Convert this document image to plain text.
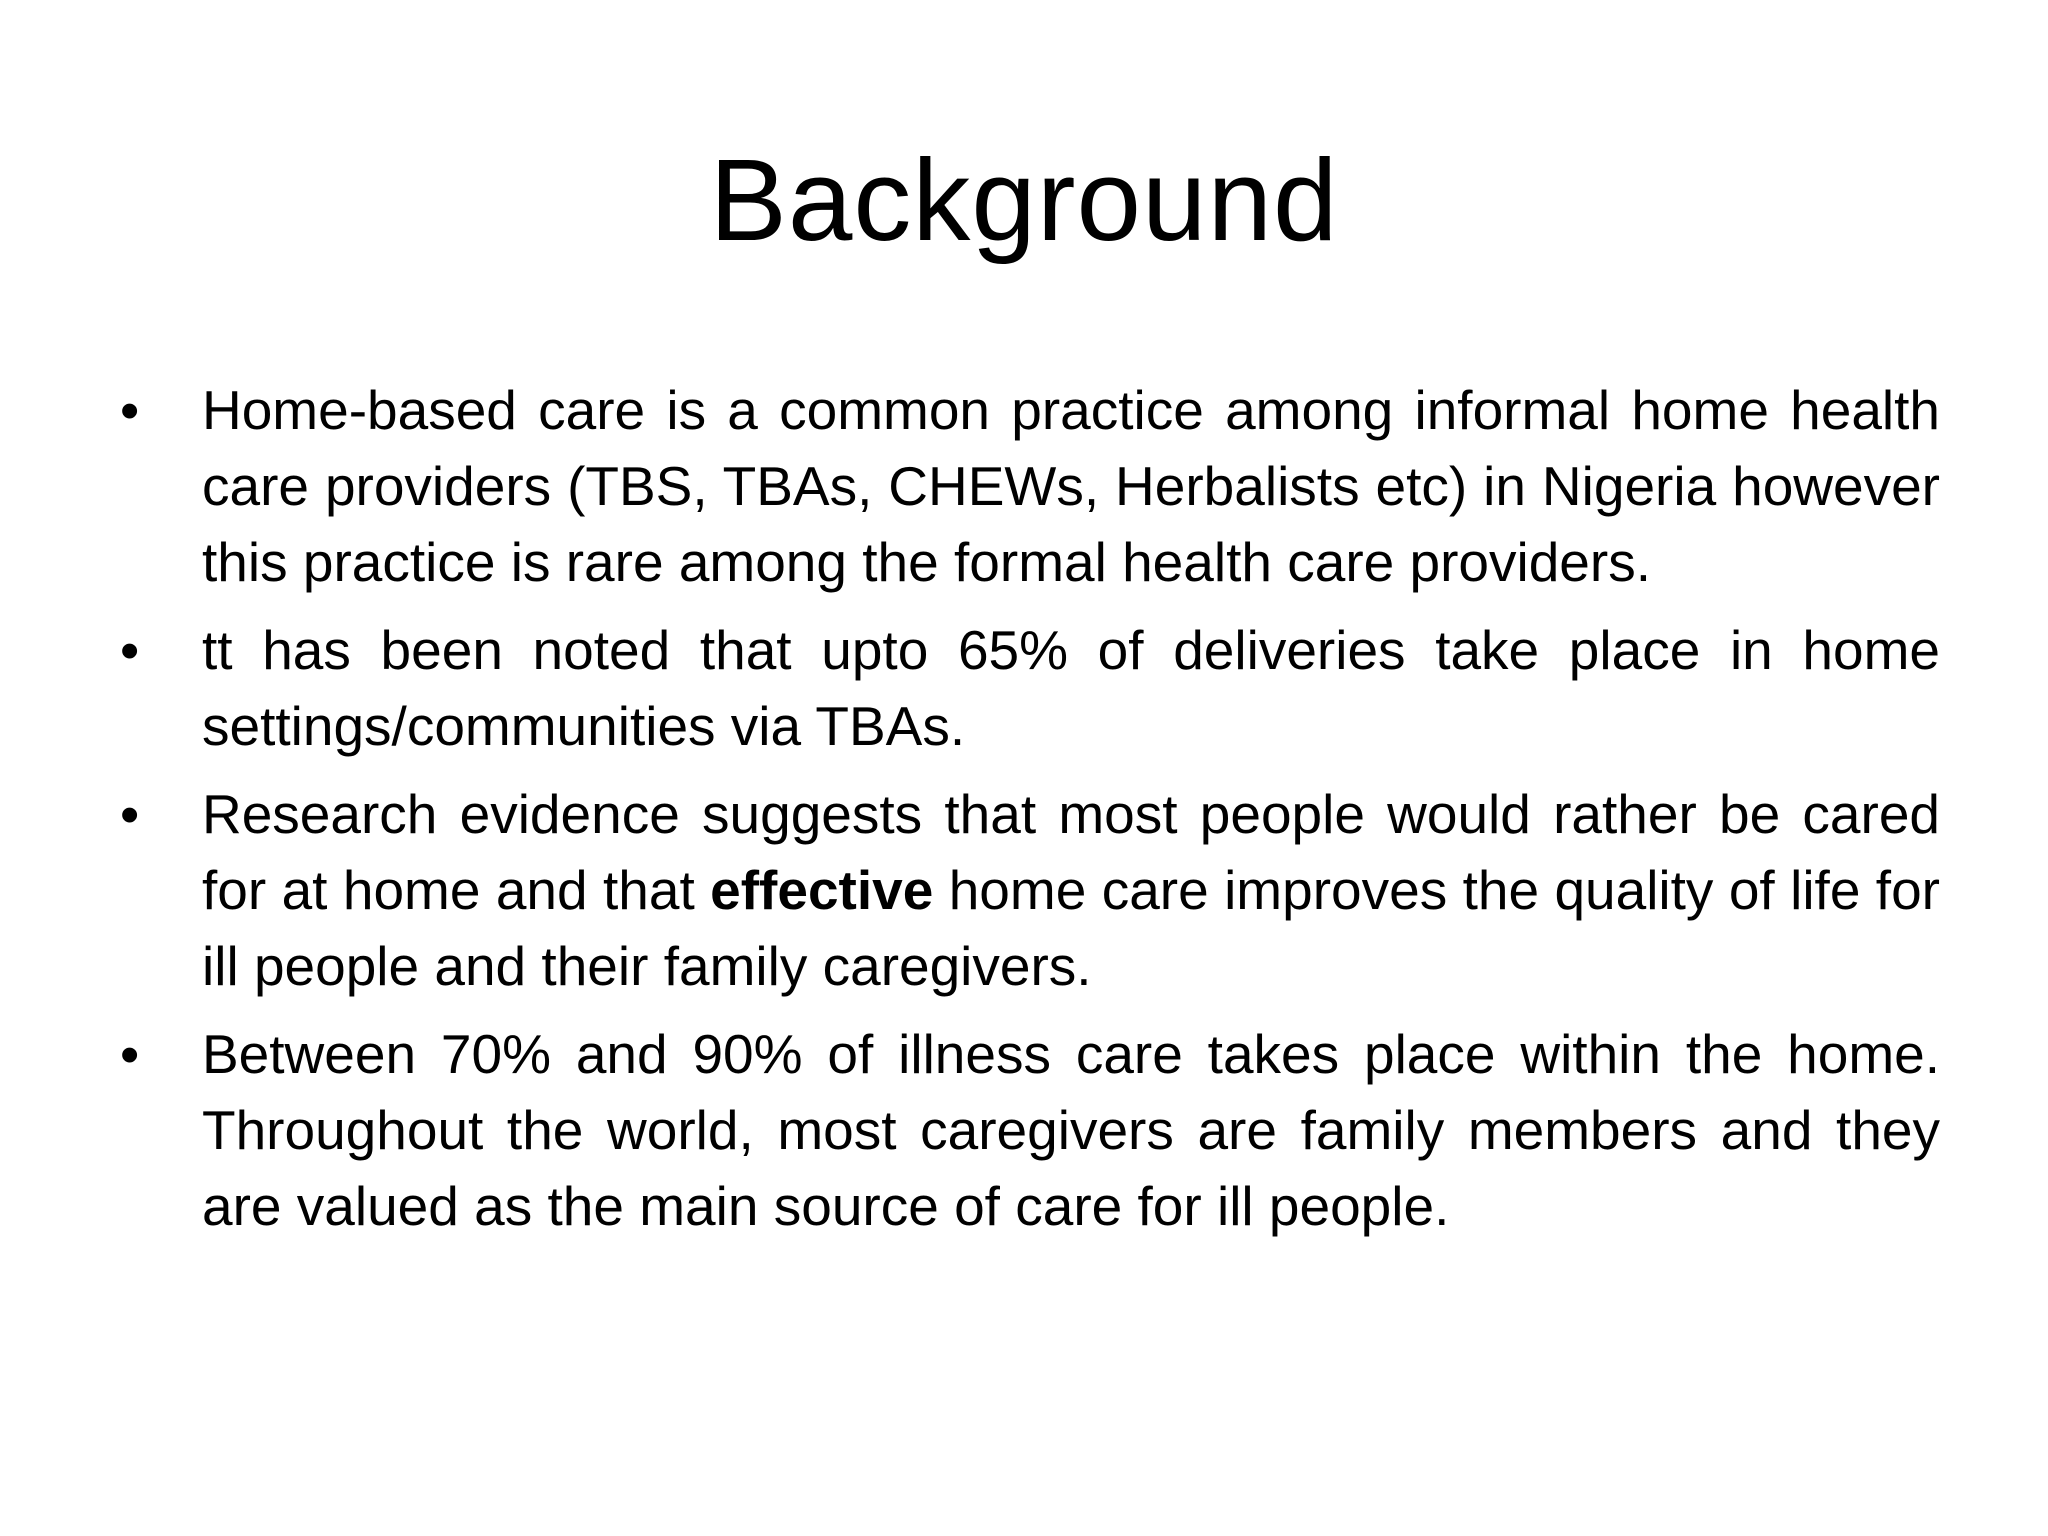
Background
•	Home-based care is a common practice among informal home health care providers (TBS, TBAs, CHEWs, Herbalists etc) in Nigeria however this practice is rare among the formal health care providers.
•	tt has been noted that upto 65% of deliveries take place in home settings/communities via TBAs.
•	Research evidence suggests that most people would rather be cared for at home and that effective home care improves the quality of life for ill people and their family caregivers.
•	Between 70% and 90% of illness care takes place within the home. Throughout the world, most caregivers are family members and they are valued as the main source of care for ill people.
